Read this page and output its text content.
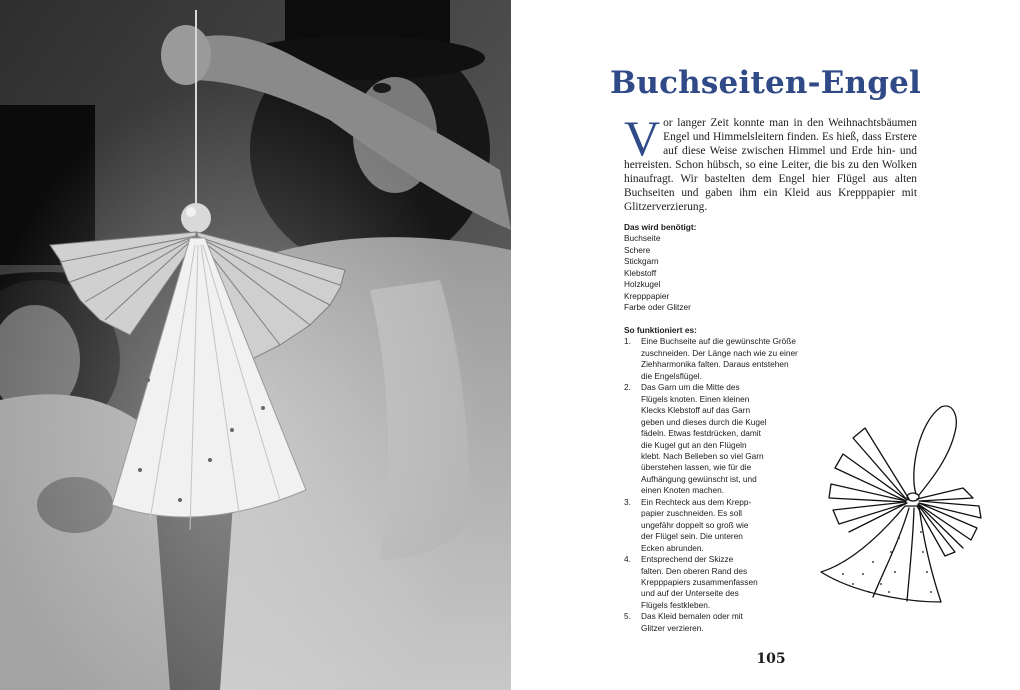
Buchseiten-Engel

Vor langer Zeit konnte man in den Weihnachtsbäumen Engel und Himmelsleitern finden. Es hieß, dass Erstere auf diese Weise zwischen Himmel und Erde hin- und herreisten. Schon hübsch, so eine Leiter, die bis zu den Wolken hinaufragt. Wir bastelten dem Engel hier Flügel aus alten Buchseiten und gaben ihm ein Kleid aus Krepppapier mit Glitzerverzierung.

Das wird benötigt:
Buchseite
Schere
Stickgarn
Klebstoff
Holzkugel
Krepppapier
Farbe oder Glitzer
So funktioniert es:
1. Eine Buchseite auf die gewünschte Größe
zuschneiden. Der Länge nach wie zu einer
Ziehharmonika falten. Daraus entstehen
die Engelsflügel.
2. Das Garn um die Mitte des
Flügels knoten. Einen kleinen
Klecks Klebstoff auf das Garn
geben und dieses durch die Kugel
fädeln. Etwas festdrücken, damit
die Kugel gut an den Flügeln
klebt. Nach Belieben so viel Garn
überstehen lassen, wie für die
Aufhängung gewünscht ist, und
einen Knoten machen.
3. Ein Rechteck aus dem Krepp-
papier zuschneiden. Es soll
ungefähr doppelt so groß wie
der Flügel sein. Die unteren
Ecken abrunden.
4. Entsprechend der Skizze
falten. Den oberen Rand des
Krepppapiers zusammenfassen
und auf der Unterseite des
Flügels festkleben.
5. Das Kleid bemalen oder mit
Glitzer verzieren.
105
